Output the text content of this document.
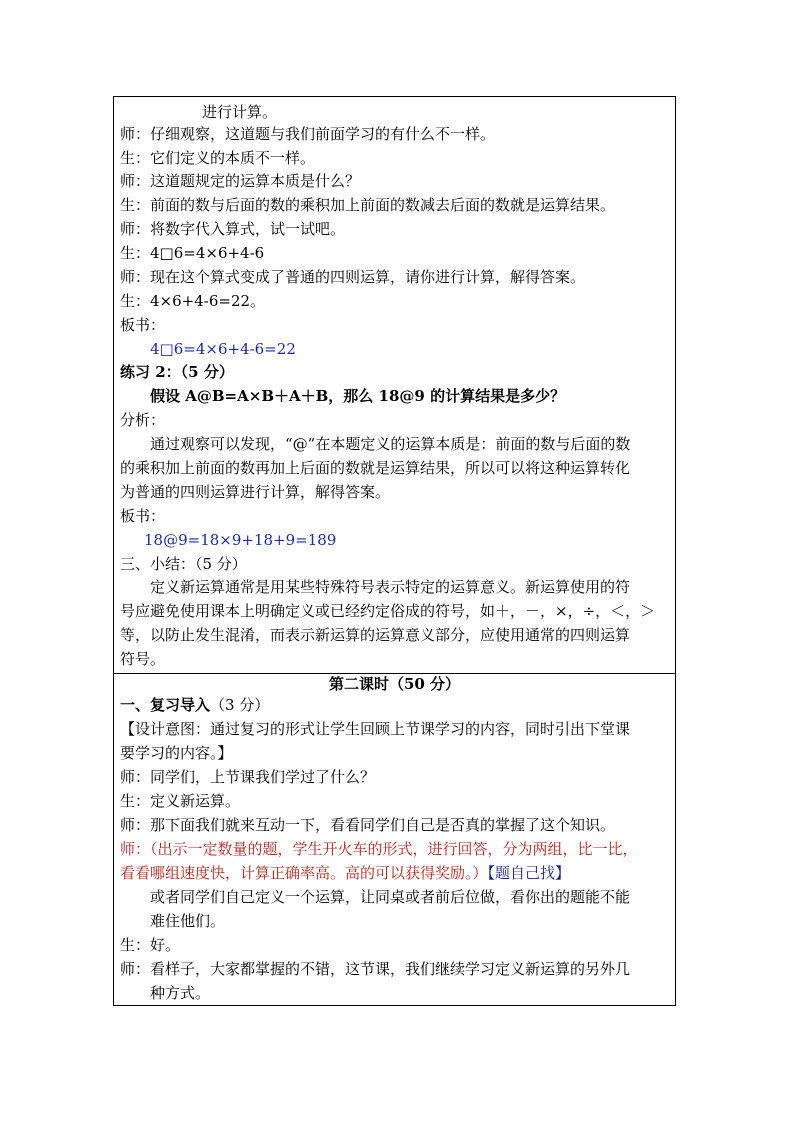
进行计算。
师：仔细观察，这道题与我们前面学习的有什么不一样。
生：它们定义的本质不一样。
师：这道题规定的运算本质是什么？
生：前面的数与后面的数的乘积加上前面的数减去后面的数就是运算结果。
师：将数字代入算式，试一试吧。
生：4□6=4×6+4-6
师：现在这个算式变成了普通的四则运算，请你进行计算，解得答案。
生：4×6+4-6=22。
板书：
4□6=4×6+4-6=22
练习 2：（5 分）
假设 A@B=A×B＋A＋B，那么 18@9 的计算结果是多少？
分析：
通过观察可以发现，“@”在本题定义的运算本质是：前面的数与后面的数
的乘积加上前面的数再加上后面的数就是运算结果，所以可以将这种运算转化
为普通的四则运算进行计算，解得答案。
板书：
18@9=18×9+18+9=189
三、小结：（5 分）
定义新运算通常是用某些特殊符号表示特定的运算意义。新运算使用的符
号应避免使用课本上明确定义或已经约定俗成的符号，如＋，－，×，÷，＜，＞
等，以防止发生混淆，而表示新运算的运算意义部分，应使用通常的四则运算
符号。
第二课时（50 分）
一、复习导入（3 分）
【设计意图：通过复习的形式让学生回顾上节课学习的内容，同时引出下堂课
要学习的内容。】
师：同学们，上节课我们学过了什么？
生：定义新运算。
师：那下面我们就来互动一下，看看同学们自己是否真的掌握了这个知识。
师：（出示一定数量的题，学生开火车的形式，进行回答，分为两组，比一比，
看看哪组速度快，计算正确率高。高的可以获得奖励。）【题自己找】
或者同学们自己定义一个运算，让同桌或者前后位做，看你出的题能不能
难住他们。
生：好。
师：看样子，大家都掌握的不错，这节课，我们继续学习定义新运算的另外几
种方式。
